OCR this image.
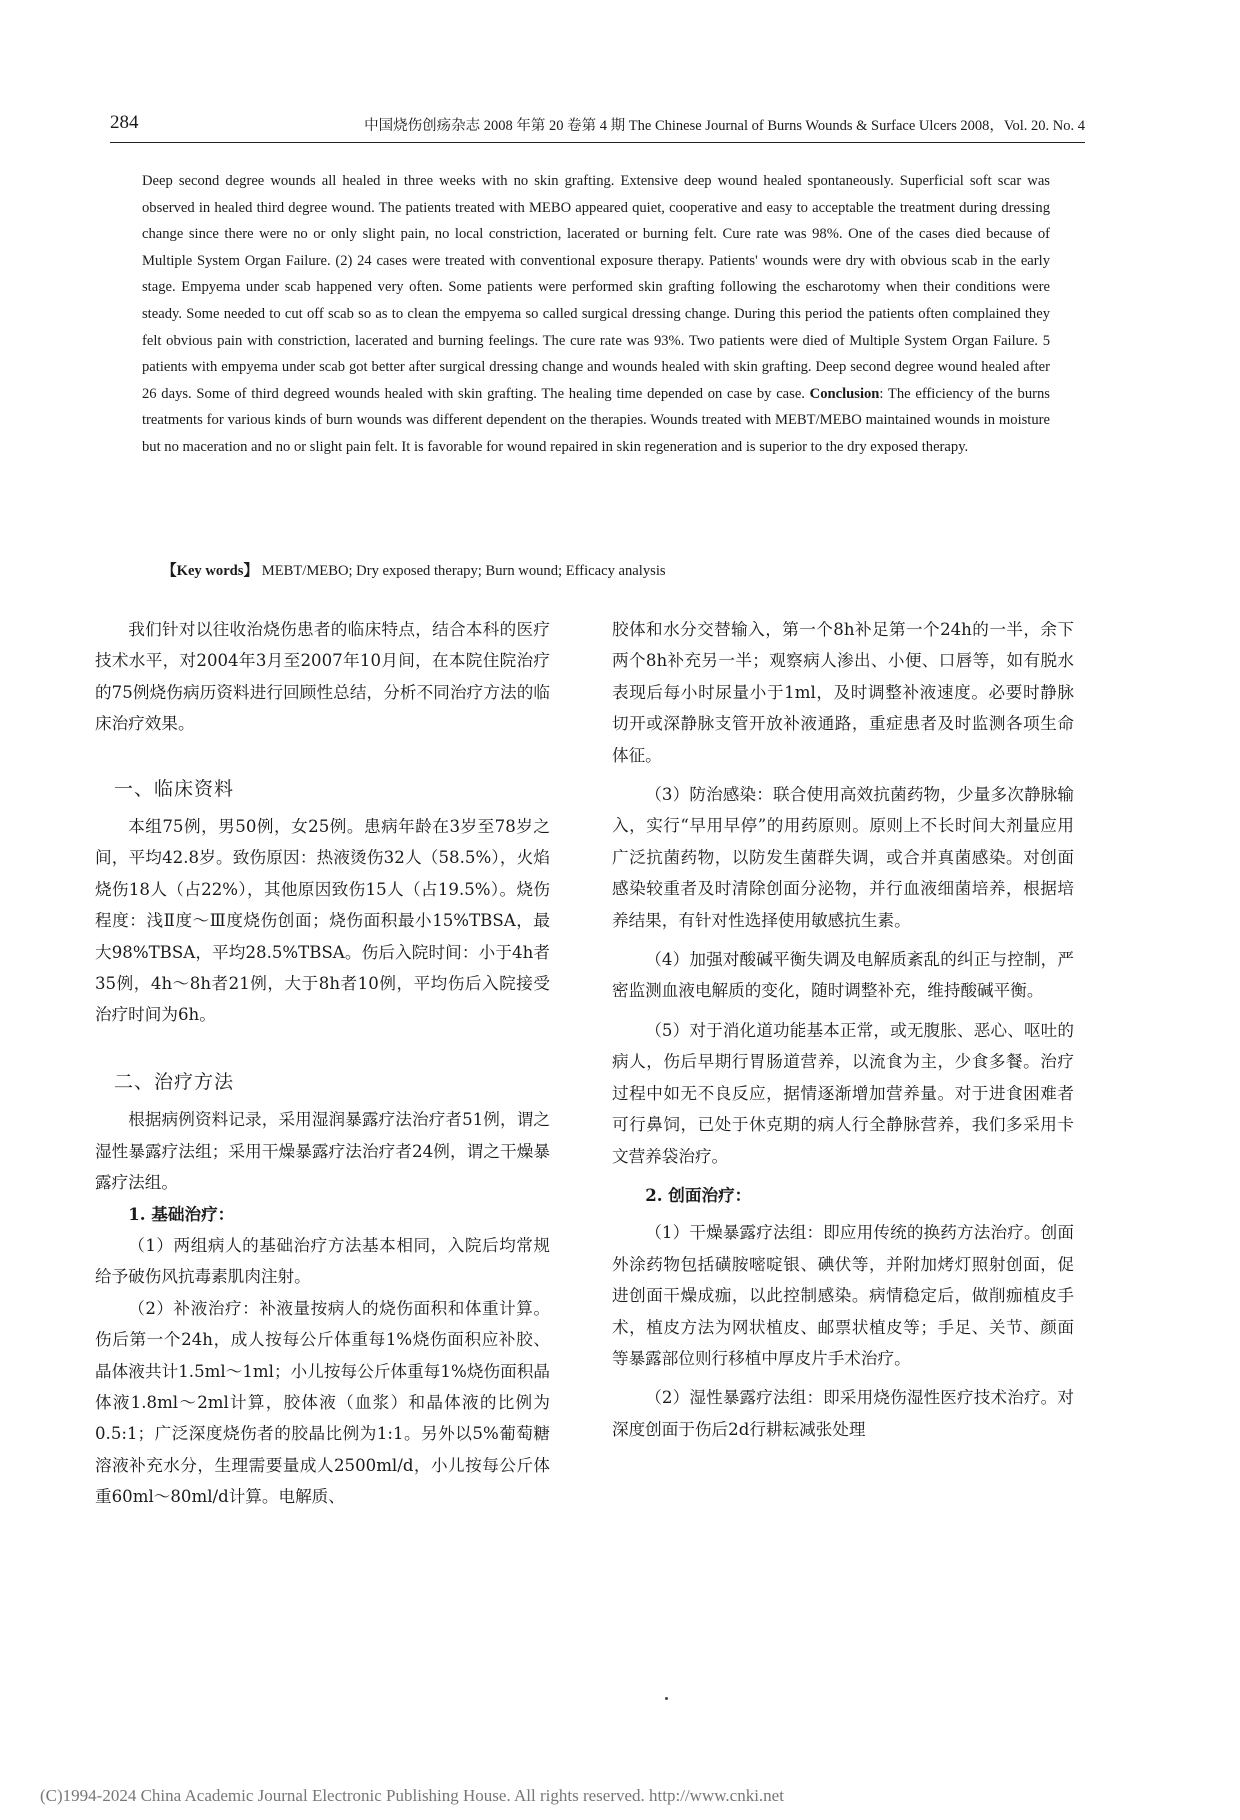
284	中国烧伤创疡杂志 2008 年第 20 卷第 4 期 The Chinese Journal of Burns Wounds & Surface Ulcers 2008，Vol. 20. No. 4
Deep second degree wounds all healed in three weeks with no skin grafting. Extensive deep wound healed spontaneously. Superficial soft scar was observed in healed third degree wound. The patients treated with MEBO appeared quiet, cooperative and easy to acceptable the treatment during dressing change since there were no or only slight pain, no local constriction, lacerated or burning felt. Cure rate was 98%. One of the cases died because of Multiple System Organ Failure. (2) 24 cases were treated with conventional exposure therapy. Patients' wounds were dry with obvious scab in the early stage. Empyema under scab happened very often. Some patients were performed skin grafting following the escharotomy when their conditions were steady. Some needed to cut off scab so as to clean the empyema so called surgical dressing change. During this period the patients often complained they felt obvious pain with constriction, lacerated and burning feelings. The cure rate was 93%. Two patients were died of Multiple System Organ Failure. 5 patients with empyema under scab got better after surgical dressing change and wounds healed with skin grafting. Deep second degree wound healed after 26 days. Some of third degreed wounds healed with skin grafting. The healing time depended on case by case. Conclusion: The efficiency of the burns treatments for various kinds of burn wounds was different dependent on the therapies. Wounds treated with MEBT/MEBO maintained wounds in moisture but no maceration and no or slight pain felt. It is favorable for wound repaired in skin regeneration and is superior to the dry exposed therapy.
【Key words】 MEBT/MEBO; Dry exposed therapy; Burn wound; Efficacy analysis

我们针对以往收治烧伤患者的临床特点，结合本科的医疗技术水平，对2004年3月至2007年10月间，在本院住院治疗的75例烧伤病历资料进行回顾性总结，分析不同治疗方法的临床治疗效果。

一、临床资料

本组75例，男50例，女25例。患病年龄在3岁至78岁之间，平均42.8岁。致伤原因：热液烫伤32人（58.5%），火焰烧伤18人（占22%），其他原因致伤15人（占19.5%）。烧伤程度：浅Ⅱ度～Ⅲ度烧伤创面；烧伤面积最小15%TBSA，最大98%TBSA，平均28.5%TBSA。伤后入院时间：小于4h者35例，4h～8h者21例，大于8h者10例，平均伤后入院接受治疗时间为6h。

二、治疗方法

根据病例资料记录，采用湿润暴露疗法治疗者51例，谓之湿性暴露疗法组；采用干燥暴露疗法治疗者24例，谓之干燥暴露疗法组。

1. 基础治疗：

（1）两组病人的基础治疗方法基本相同，入院后均常规给予破伤风抗毒素肌肉注射。

（2）补液治疗：补液量按病人的烧伤面积和体重计算。伤后第一个24h，成人按每公斤体重每1%烧伤面积应补胶、晶体液共计1.5ml～1ml；小儿按每公斤体重每1%烧伤面积晶体液1.8ml～2ml计算，胶体液（血浆）和晶体液的比例为0.5:1；广泛深度烧伤者的胶晶比例为1:1。另外以5%葡萄糖溶液补充水分，生理需要量成人2500ml/d，小儿按每公斤体重60ml～80ml/d计算。电解质、

胶体和水分交替输入，第一个8h补足第一个24h的一半，余下两个8h补充另一半；观察病人渗出、小便、口唇等，如有脱水表现后每小时尿量小于1ml，及时调整补液速度。必要时静脉切开或深静脉支管开放补液通路，重症患者及时监测各项生命体征。

（3）防治感染：联合使用高效抗菌药物，少量多次静脉输入，实行“早用早停”的用药原则。原则上不长时间大剂量应用广泛抗菌药物，以防发生菌群失调，或合并真菌感染。对创面感染较重者及时清除创面分泌物，并行血液细菌培养，根据培养结果，有针对性选择使用敏感抗生素。

（4）加强对酸碱平衡失调及电解质紊乱的纠正与控制，严密监测血液电解质的变化，随时调整补充，维持酸碱平衡。

（5）对于消化道功能基本正常，或无腹胀、恶心、呕吐的病人，伤后早期行胃肠道营养，以流食为主，少食多餐。治疗过程中如无不良反应，据情逐渐增加营养量。对于进食困难者可行鼻饲，已处于休克期的病人行全静脉营养，我们多采用卡文营养袋治疗。

2. 创面治疗：

（1）干燥暴露疗法组：即应用传统的换药方法治疗。创面外涂药物包括磺胺嘧啶银、碘伏等，并附加烤灯照射创面，促进创面干燥成痂，以此控制感染。病情稳定后，做削痂植皮手术，植皮方法为网状植皮、邮票状植皮等；手足、关节、颜面等暴露部位则行移植中厚皮片手术治疗。

（2）湿性暴露疗法组：即采用烧伤湿性医疗技术治疗。对深度创面于伤后2d行耕耘减张处理

(C)1994-2024 China Academic Journal Electronic Publishing House. All rights reserved. http://www.cnki.net
